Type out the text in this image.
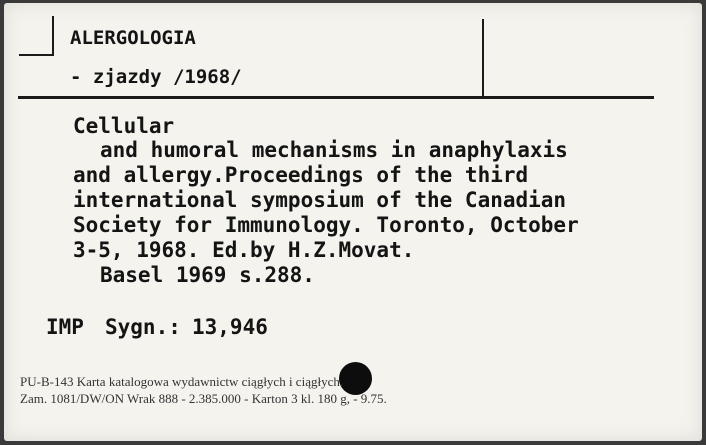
ALERGOLOGIA
- zjazdy /1968/
Cellular
and humoral mechanisms in anaphylaxis
and allergy.Proceedings of the third
international symposium of the Canadian
Society for Immunology. Toronto, October
3-5, 1968. Ed.by H.Z.Movat.
Basel 1969 s.288.
IMP Sygn.: 13,946
PU-B-143 Karta katalogowa wydawnictw ciągłych i ciągłych.
Zam. 1081/DW/ON Wrak 888 - 2.385.000 - Karton 3 kl. 180 g, - 9.75.
